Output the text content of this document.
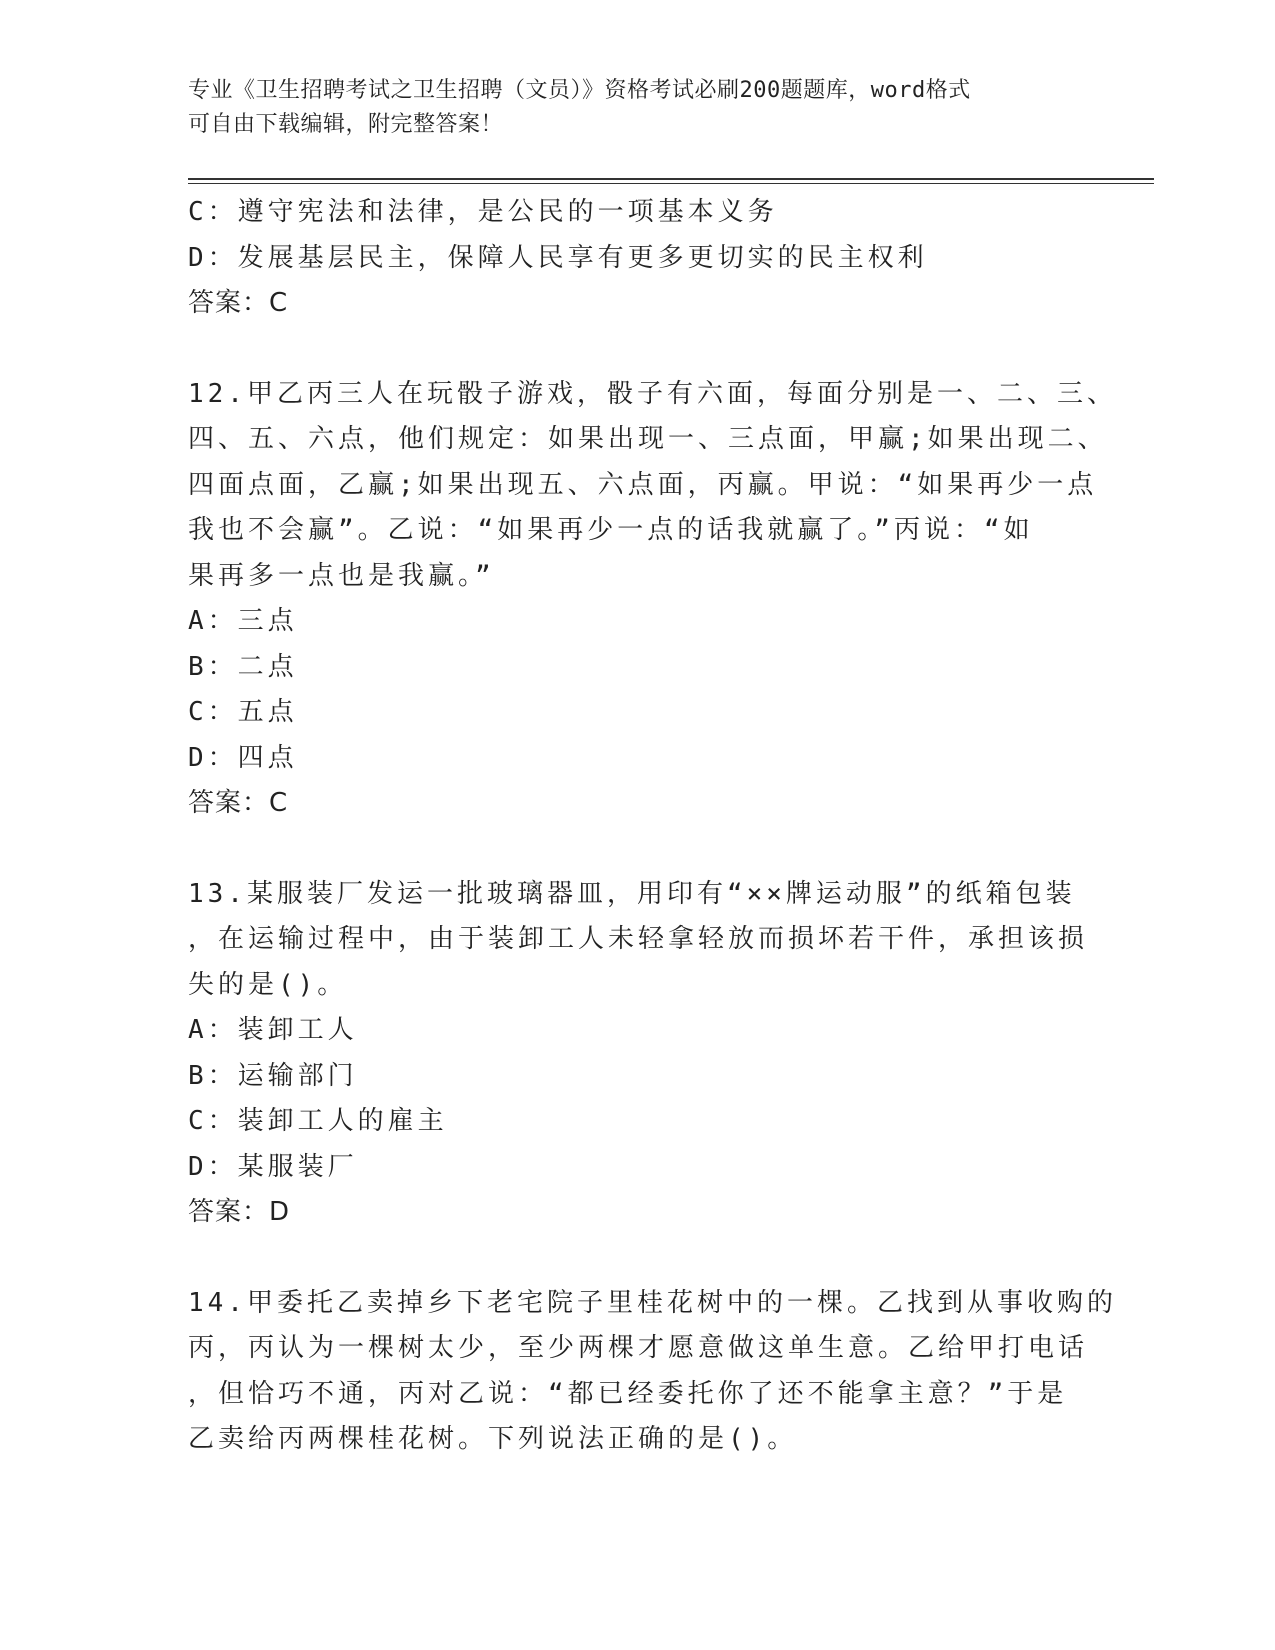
专业《卫生招聘考试之卫生招聘（文员）》资格考试必刷200题题库，word格式
可自由下载编辑，附完整答案！

C：遵守宪法和法律，是公民的一项基本义务

D：发展基层民主，保障人民享有更多更切实的民主权利

答案：C

12.甲乙丙三人在玩骰子游戏，骰子有六面，每面分别是一、二、三、

四、五、六点，他们规定：如果出现一、三点面，甲赢;如果出现二、

四面点面，乙赢;如果出现五、六点面，丙赢。甲说：“如果再少一点

我也不会赢”。乙说：“如果再少一点的话我就赢了。”丙说：“如

果再多一点也是我赢。”

A：三点

B：二点

C：五点

D：四点

答案：C

13.某服装厂发运一批玻璃器皿，用印有“××牌运动服”的纸箱包装

，在运输过程中，由于装卸工人未轻拿轻放而损坏若干件，承担该损

失的是()。

A：装卸工人

B：运输部门

C：装卸工人的雇主

D：某服装厂

答案：D

14.甲委托乙卖掉乡下老宅院子里桂花树中的一棵。乙找到从事收购的

丙，丙认为一棵树太少，至少两棵才愿意做这单生意。乙给甲打电话

，但恰巧不通，丙对乙说：“都已经委托你了还不能拿主意？”于是

乙卖给丙两棵桂花树。下列说法正确的是()。
